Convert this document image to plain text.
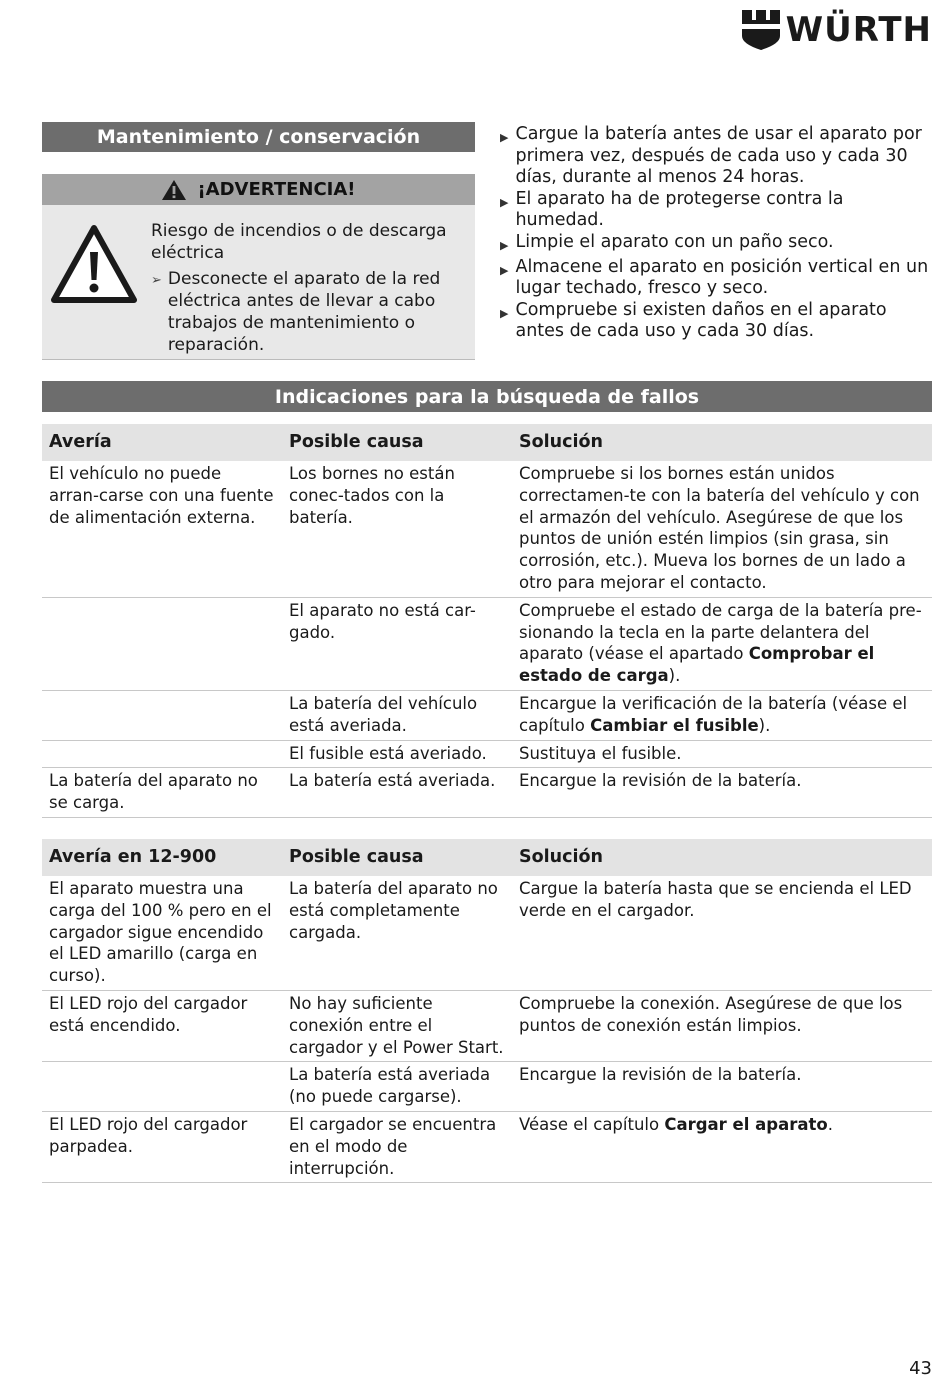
WÜRTH
Mantenimiento / conservación
¡ADVERTENCIA!
Riesgo de incendios o de descarga eléctrica
➢ Desconecte el aparato de la red eléctrica antes de llevar a cabo trabajos de mantenimiento o reparación.
▶ Cargue la batería antes de usar el aparato por primera vez, después de cada uso y cada 30 días, durante al menos 24 horas.
▶ El aparato ha de protegerse contra la humedad.
▶ Limpie el aparato con un paño seco.
▶ Almacene el aparato en posición vertical en un lugar techado, fresco y seco.
▶ Compruebe si existen daños en el aparato antes de cada uso y cada 30 días.
Indicaciones para la búsqueda de fallos
Avería	Posible causa	Solución
El vehículo no puede arran-carse con una fuente de alimentación externa.	Los bornes no están conec-tados con la batería.	Compruebe si los bornes están unidos correctamen-te con la batería del vehículo y con el armazón del vehículo. Asegúrese de que los puntos de unión estén limpios (sin grasa, sin corrosión, etc.). Mueva los bornes de un lado a otro para mejorar el contacto.
	El aparato no está car-gado.	Compruebe el estado de carga de la batería pre-sionando la tecla en la parte delantera del aparato (véase el apartado Comprobar el estado de carga).
	La batería del vehículo está averiada.	Encargue la verificación de la batería (véase el capítulo Cambiar el fusible).
	El fusible está averiado.	Sustituya el fusible.
La batería del aparato no se carga.	La batería está averiada.	Encargue la revisión de la batería.
Avería en 12-900	Posible causa	Solución
El aparato muestra una carga del 100 % pero en el cargador sigue encendido el LED amarillo (carga en curso).	La batería del aparato no está completamente cargada.	Cargue la batería hasta que se encienda el LED verde en el cargador.
El LED rojo del cargador está encendido.	No hay suficiente conexión entre el cargador y el Power Start.	Compruebe la conexión. Asegúrese de que los puntos de conexión están limpios.
	La batería está averiada (no puede cargarse).	Encargue la revisión de la batería.
El LED rojo del cargador parpadea.	El cargador se encuentra en el modo de interrupción.	Véase el capítulo Cargar el aparato.
43
